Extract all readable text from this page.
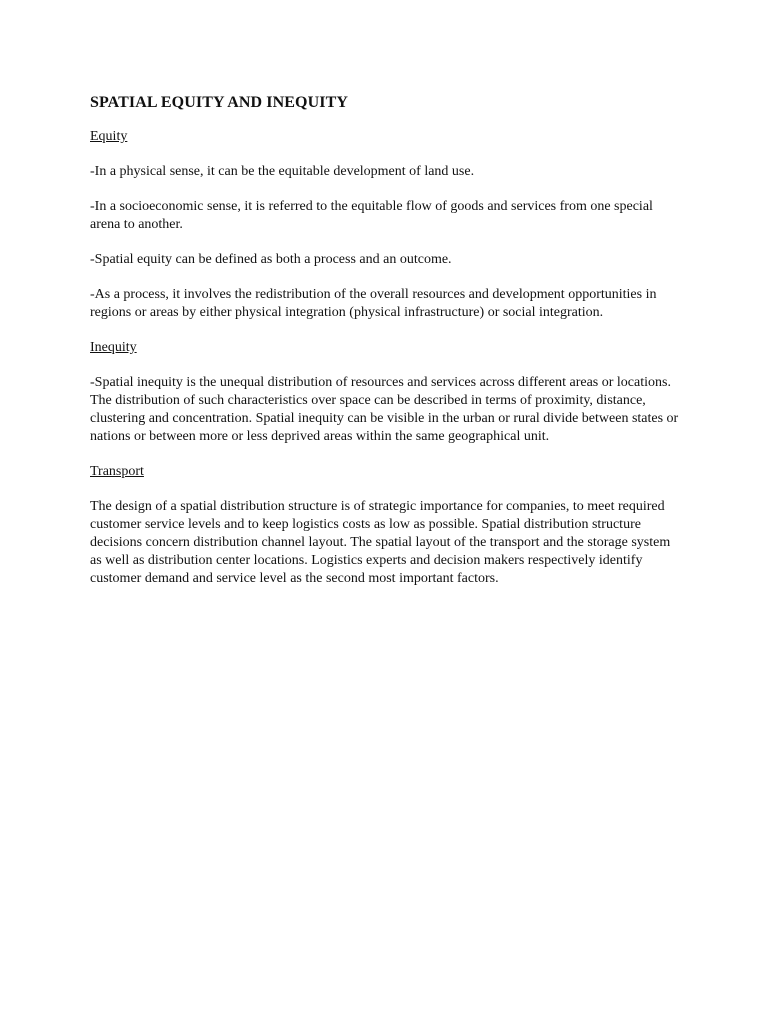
SPATIAL EQUITY AND INEQUITY
Equity

-In a physical sense, it can be the equitable development of land use.

-In a socioeconomic sense, it is referred to the equitable flow of goods and services from one special arena to another.

-Spatial equity can be defined as both a process and an outcome.

-As a process, it involves the redistribution of the overall resources and development opportunities in regions or areas by either physical integration (physical infrastructure) or social integration.

Inequity

-Spatial inequity is the unequal distribution of resources and services across different areas or locations. The distribution of such characteristics over space can be described in terms of proximity, distance, clustering and concentration. Spatial inequity can be visible in the urban or rural divide between states or nations or between more or less deprived areas within the same geographical unit.

Transport

The design of a spatial distribution structure is of strategic importance for companies, to meet required customer service levels and to keep logistics costs as low as possible. Spatial distribution structure decisions concern distribution channel layout. The spatial layout of the transport and the storage system as well as distribution center locations. Logistics experts and decision makers respectively identify customer demand and service level as the second most important factors.
